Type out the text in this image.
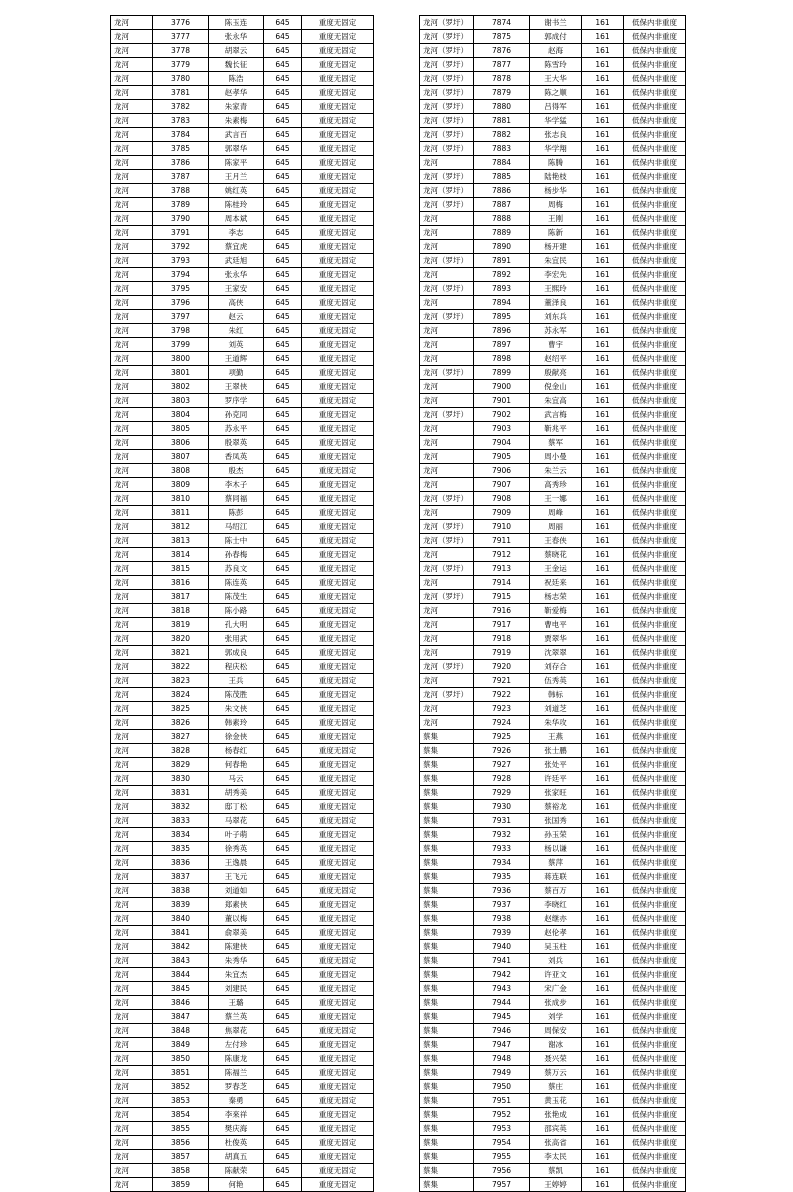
龙河	3776	陈玉连	645	重度无固定
龙河	3777	张永华	645	重度无固定
龙河	3778	胡翠云	645	重度无固定
龙河	3779	魏长征	645	重度无固定
龙河	3780	陈浩	645	重度无固定
龙河	3781	赵孝华	645	重度无固定
龙河	3782	朱家青	645	重度无固定
龙河	3783	朱素梅	645	重度无固定
龙河	3784	武言百	645	重度无固定
龙河	3785	郭翠华	645	重度无固定
龙河	3786	陈家平	645	重度无固定
龙河	3787	王月兰	645	重度无固定
龙河	3788	姚红英	645	重度无固定
龙河	3789	陈桂玲	645	重度无固定
龙河	3790	周本斌	645	重度无固定
龙河	3791	李志	645	重度无固定
龙河	3792	蔡宜虎	645	重度无固定
龙河	3793	武廷旭	645	重度无固定
龙河	3794	张永华	645	重度无固定
龙河	3795	王家安	645	重度无固定
龙河	3796	高侠	645	重度无固定
龙河	3797	赵云	645	重度无固定
龙河	3798	朱红	645	重度无固定
龙河	3799	刘英	645	重度无固定
龙河	3800	王道辉	645	重度无固定
龙河	3801	项勤	645	重度无固定
龙河	3802	王翠侠	645	重度无固定
龙河	3803	罗序学	645	重度无固定
龙河	3804	孙克同	645	重度无固定
龙河	3805	苏永平	645	重度无固定
龙河	3806	殷翠英	645	重度无固定
龙河	3807	香凤英	645	重度无固定
龙河	3808	殷杰	645	重度无固定
龙河	3809	李木子	645	重度无固定
龙河	3810	蔡同福	645	重度无固定
龙河	3811	陈彭	645	重度无固定
龙河	3812	马绍江	645	重度无固定
龙河	3813	陈士中	645	重度无固定
龙河	3814	孙春梅	645	重度无固定
龙河	3815	苏良文	645	重度无固定
龙河	3816	陈连英	645	重度无固定
龙河	3817	陈茂生	645	重度无固定
龙河	3818	陈小路	645	重度无固定
龙河	3819	孔大明	645	重度无固定
龙河	3820	张用武	645	重度无固定
龙河	3821	郭成良	645	重度无固定
龙河	3822	程庆松	645	重度无固定
龙河	3823	王兵	645	重度无固定
龙河	3824	陈茂胜	645	重度无固定
龙河	3825	朱文侠	645	重度无固定
龙河	3826	韩素玲	645	重度无固定
龙河	3827	徐金侠	645	重度无固定
龙河	3828	杨春红	645	重度无固定
龙河	3829	何春艳	645	重度无固定
龙河	3830	马云	645	重度无固定
龙河	3831	胡秀美	645	重度无固定
龙河	3832	邸丁松	645	重度无固定
龙河	3833	马翠花	645	重度无固定
龙河	3834	叶子萌	645	重度无固定
龙河	3835	徐秀英	645	重度无固定
龙河	3836	王逸晨	645	重度无固定
龙河	3837	王飞元	645	重度无固定
龙河	3838	刘道如	645	重度无固定
龙河	3839	郑素侠	645	重度无固定
龙河	3840	董以梅	645	重度无固定
龙河	3841	俞翠美	645	重度无固定
龙河	3842	陈建侠	645	重度无固定
龙河	3843	朱秀华	645	重度无固定
龙河	3844	朱宜杰	645	重度无固定
龙河	3845	刘建民	645	重度无固定
龙河	3846	王璐	645	重度无固定
龙河	3847	蔡兰英	645	重度无固定
龙河	3848	焦翠花	645	重度无固定
龙河	3849	左付珍	645	重度无固定
龙河	3850	陈康龙	645	重度无固定
龙河	3851	陈福兰	645	重度无固定
龙河	3852	罗春芝	645	重度无固定
龙河	3853	秦勇	645	重度无固定
龙河	3854	李來祥	645	重度无固定
龙河	3855	樊庆海	645	重度无固定
龙河	3856	杜俊英	645	重度无固定
龙河	3857	胡真五	645	重度无固定
龙河	3858	陈献荣	645	重度无固定
龙河	3859	何艳	645	重度无固定
龙河（罗圩）	7874	谢书兰	161	低保内非重度
龙河（罗圩）	7875	郭成付	161	低保内非重度
龙河（罗圩）	7876	赵海	161	低保内非重度
龙河（罗圩）	7877	陈雪玲	161	低保内非重度
龙河（罗圩）	7878	王大华	161	低保内非重度
龙河（罗圩）	7879	陈之顺	161	低保内非重度
龙河（罗圩）	7880	吕得军	161	低保内非重度
龙河（罗圩）	7881	华学猛	161	低保内非重度
龙河（罗圩）	7882	张志良	161	低保内非重度
龙河（罗圩）	7883	华学翔	161	低保内非重度
龙河	7884	陈腾	161	低保内非重度
龙河（罗圩）	7885	陆艳枝	161	低保内非重度
龙河（罗圩）	7886	杨步华	161	低保内非重度
龙河（罗圩）	7887	周梅	161	低保内非重度
龙河	7888	王刚	161	低保内非重度
龙河	7889	陈新	161	低保内非重度
龙河	7890	杨开建	161	低保内非重度
龙河（罗圩）	7891	朱宜民	161	低保内非重度
龙河	7892	李宏先	161	低保内非重度
龙河（罗圩）	7893	王熙玲	161	低保内非重度
龙河	7894	董泽良	161	低保内非重度
龙河（罗圩）	7895	刘东兵	161	低保内非重度
龙河	7896	苏永军	161	低保内非重度
龙河	7897	曹宇	161	低保内非重度
龙河	7898	赵绍平	161	低保内非重度
龙河（罗圩）	7899	殷献亮	161	低保内非重度
龙河	7900	倪金山	161	低保内非重度
龙河	7901	朱宜高	161	低保内非重度
龙河（罗圩）	7902	武言梅	161	低保内非重度
龙河	7903	靳兆平	161	低保内非重度
龙河	7904	蔡军	161	低保内非重度
龙河	7905	周小曼	161	低保内非重度
龙河	7906	朱兰云	161	低保内非重度
龙河	7907	高秀珍	161	低保内非重度
龙河（罗圩）	7908	王一娜	161	低保内非重度
龙河	7909	周峰	161	低保内非重度
龙河（罗圩）	7910	周丽	161	低保内非重度
龙河（罗圩）	7911	王春侠	161	低保内非重度
龙河	7912	蔡晓花	161	低保内非重度
龙河（罗圩）	7913	王金运	161	低保内非重度
龙河	7914	祝廷来	161	低保内非重度
龙河（罗圩）	7915	杨志荣	161	低保内非重度
龙河	7916	靳爱梅	161	低保内非重度
龙河	7917	曹电平	161	低保内非重度
龙河	7918	贾翠华	161	低保内非重度
龙河	7919	沈翠翠	161	低保内非重度
龙河（罗圩）	7920	刘存合	161	低保内非重度
龙河	7921	伍秀英	161	低保内非重度
龙河（罗圩）	7922	韩标	161	低保内非重度
龙河	7923	刘道芝	161	低保内非重度
龙河	7924	朱华攻	161	低保内非重度
蔡集	7925	王燕	161	低保内非重度
蔡集	7926	张士鹏	161	低保内非重度
蔡集	7927	张处平	161	低保内非重度
蔡集	7928	许廷平	161	低保内非重度
蔡集	7929	张家旺	161	低保内非重度
蔡集	7930	蔡裕龙	161	低保内非重度
蔡集	7931	张国秀	161	低保内非重度
蔡集	7932	孙玉荣	161	低保内非重度
蔡集	7933	杨以谦	161	低保内非重度
蔡集	7934	蔡萍	161	低保内非重度
蔡集	7935	蒋连联	161	低保内非重度
蔡集	7936	蔡百万	161	低保内非重度
蔡集	7937	李晓红	161	低保内非重度
蔡集	7938	赵继亦	161	低保内非重度
蔡集	7939	赵伦孝	161	低保内非重度
蔡集	7940	吴玉柱	161	低保内非重度
蔡集	7941	刘兵	161	低保内非重度
蔡集	7942	许亚文	161	低保内非重度
蔡集	7943	宋广金	161	低保内非重度
蔡集	7944	张成步	161	低保内非重度
蔡集	7945	刘学	161	低保内非重度
蔡集	7946	周保安	161	低保内非重度
蔡集	7947	谢冰	161	低保内非重度
蔡集	7948	聂兴荣	161	低保内非重度
蔡集	7949	蔡万云	161	低保内非重度
蔡集	7950	蔡庄	161	低保内非重度
蔡集	7951	黄玉花	161	低保内非重度
蔡集	7952	张艳成	161	低保内非重度
蔡集	7953	邵宾英	161	低保内非重度
蔡集	7954	张高省	161	低保内非重度
蔡集	7955	李太民	161	低保内非重度
蔡集	7956	蔡凯	161	低保内非重度
蔡集	7957	王婷婷	161	低保内非重度
